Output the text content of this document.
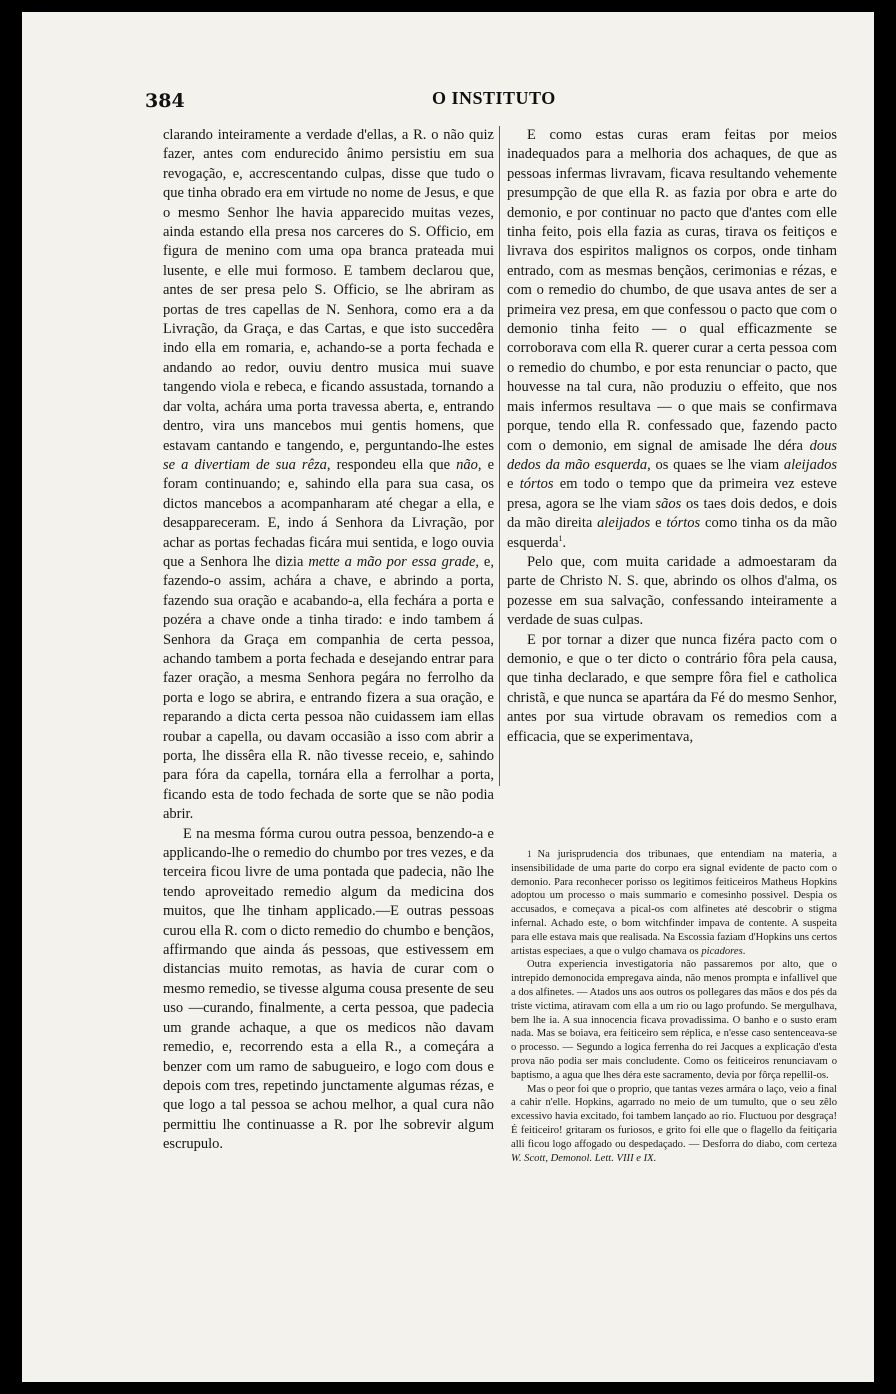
384	O INSTITUTO

clarando inteiramente a verdade d'ellas, a R. o não quiz fazer, antes com endurecido ânimo persistiu em sua revogação, e, accrescentando culpas, disse que tudo o que tinha obrado era em virtude no nome de Jesus, e que o mesmo Senhor lhe havia apparecido muitas vezes, ainda estando ella presa nos carceres do S. Officio, em figura de menino com uma opa branca prateada mui lusente, e elle mui formoso. E tambem declarou que, antes de ser presa pelo S. Officio, se lhe abriram as portas de tres capellas de N. Senhora, como era a da Livração, da Graça, e das Cartas, e que isto succedêra indo ella em romaria, e, achando-se a porta fechada e andando ao redor, ouviu dentro musica mui suave tangendo viola e rebeca, e ficando assustada, tornando a dar volta, achára uma porta travessa aberta, e, entrando dentro, vira uns mancebos mui gentis homens, que estavam cantando e tangendo, e, perguntando-lhe estes se a divertiam de sua rêza, respondeu ella que não, e foram continuando; e, sahindo ella para sua casa, os dictos mancebos a acompanharam até chegar a ella, e desappareceram. E, indo á Senhora da Livração, por achar as portas fechadas ficára mui sentida, e logo ouvia que a Senhora lhe dizia mette a mão por essa grade, e, fazendo-o assim, achára a chave, e abrindo a porta, fazendo sua oração e acabando-a, ella fechára a porta e pozéra a chave onde a tinha tirado: e indo tambem á Senhora da Graça em companhia de certa pessoa, achando tambem a porta fechada e desejando entrar para fazer oração, a mesma Senhora pegára no ferrolho da porta e logo se abrira, e entrando fizera a sua oração, e reparando a dicta certa pessoa não cuidassem iam ellas roubar a capella, ou davam occasião a isso com abrir a porta, lhe dissêra ella R. não tivesse receio, e, sahindo para fóra da capella, tornára ella a ferrolhar a porta, ficando esta de todo fechada de sorte que se não podia abrir.

E na mesma fórma curou outra pessoa, benzendo-a e applicando-lhe o remedio do chumbo por tres vezes, e da terceira ficou livre de uma pontada que padecia, não lhe tendo aproveitado remedio algum da medicina dos muitos, que lhe tinham applicado.—E outras pessoas curou ella R. com o dicto remedio do chumbo e bençãos, affirmando que ainda ás pessoas, que estivessem em distancias muito remotas, as havia de curar com o mesmo remedio, se tivesse alguma cousa presente de seu uso —curando, finalmente, a certa pessoa, que padecia um grande achaque, a que os medicos não davam remedio, e, recorrendo esta a ella R., a começára a benzer com um ramo de sabugueiro, e logo com dous e depois com tres, repetindo junctamente algumas rézas, e que logo a tal pessoa se achou melhor, a qual cura não permittiu lhe continuasse a R. por lhe sobrevir algum escrupulo.

E como estas curas eram feitas por meios inadequados para a melhoria dos achaques, de que as pessoas infermas livravam, ficava resultando vehemente presumpção de que ella R. as fazia por obra e arte do demonio, e por continuar no pacto que d'antes com elle tinha feito, pois ella fazia as curas, tirava os feitiços e livrava dos espiritos malignos os corpos, onde tinham entrado, com as mesmas bençãos, cerimonias e rézas, e com o remedio do chumbo, de que usava antes de ser a primeira vez presa, em que confessou o pacto que com o demonio tinha feito — o qual efficazmente se corroborava com ella R. querer curar a certa pessoa com o remedio do chumbo, e por esta renunciar o pacto, que houvesse na tal cura, não produziu o effeito, que nos mais infermos resultava — o que mais se confirmava porque, tendo ella R. confessado que, fazendo pacto com o demonio, em signal de amisade lhe déra dous dedos da mão esquerda, os quaes se lhe viam aleijados e tórtos em todo o tempo que da primeira vez esteve presa, agora se lhe viam sãos os taes dois dedos, e dois da mão direita aleijados e tórtos como tinha os da mão esquerda$^1$.

Pelo que, com muita caridade a admoestaram da parte de Christo N. S. que, abrindo os olhos d'alma, os pozesse em sua salvação, confessando inteiramente a verdade de suas culpas.

E por tornar a dizer que nunca fizéra pacto com o demonio, e que o ter dicto o contrário fôra pela causa, que tinha declarado, e que sempre fôra fiel e catholica christã, e que nunca se apartára da Fé do mesmo Senhor, antes por sua virtude obravam os remedios com a efficacia, que se experimentava,

1 Na jurisprudencia dos tribunaes, que entendiam na materia, a insensibilidade de uma parte do corpo era signal evidente de pacto com o demonio. Para reconhecer porisso os legitimos feiticeiros Matheus Hopkins adoptou um processo o mais summario e comesinho possivel. Despia os accusados, e começava a pical-os com alfinetes até descobrir o stigma infernal. Achado este, o bom witchfinder impava de contente. A suspeita para elle estava mais que realisada. Na Escossia faziam d'Hopkins uns certos artistas especiaes, a que o vulgo chamava os picadores.

Outra experiencia investigatoria não passaremos por alto, que o intrepido demonocida empregava ainda, não menos prompta e infallivel que a dos alfinetes. — Atados uns aos outros os pollegares das mãos e dos pés da triste victima, atiravam com ella a um rio ou lago profundo. Se mergulhava, bem lhe ia. A sua innocencia ficava provadissima. O banho e o susto eram nada. Mas se boiava, era feiticeiro sem réplica, e n'esse caso sentenceava-se o processo. — Segundo a logica ferrenha do rei Jacques a explicação d'esta prova não podia ser mais concludente. Como os feiticeiros renunciavam o baptismo, a agua que lhes déra este sacramento, devia por fôrça repellil-os.

Mas o peor foi que o proprio, que tantas vezes armára o laço, veio a final a cahir n'elle. Hopkins, agarrado no meio de um tumulto, que o seu zêlo excessivo havia excitado, foi tambem lançado ao rio. Fluctuou por desgraça! É feiticeiro! gritaram os furiosos, e grito foi elle que o flagello da feitiçaria alli ficou logo affogado ou despedaçado. — Desforra do diabo, com certeza W. Scott, Demonol. Lett. VIII e IX.
